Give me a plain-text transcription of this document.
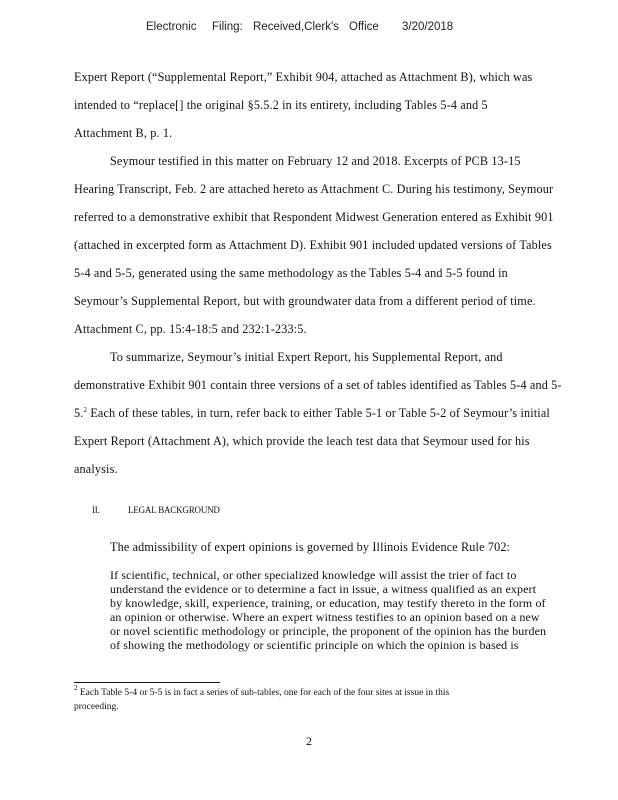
Electronic Filing: Received,Clerk's Office 3/20/2018
Expert Report (“Supplemental Report,” Exhibit 904, attached as Attachment B), which was
intended to “replace[] the original §5.5.2 in its entirety, including Tables 5-4 and 5
Attachment B, p. 1.
Seymour testified in this matter on February 12 and 2018. Excerpts of PCB 13-15
Hearing Transcript, Feb. 2 are attached hereto as Attachment C. During his testimony, Seymour
referred to a demonstrative exhibit that Respondent Midwest Generation entered as Exhibit 901
(attached in excerpted form as Attachment D). Exhibit 901 included updated versions of Tables
5-4 and 5-5, generated using the same methodology as the Tables 5-4 and 5-5 found in
Seymour’s Supplemental Report, but with groundwater data from a different period of time.
Attachment C, pp. 15:4-18:5 and 232:1-233:5.
To summarize, Seymour’s initial Expert Report, his Supplemental Report, and
demonstrative Exhibit 901 contain three versions of a set of tables identified as Tables 5-4 and 5-
5.$^2$ Each of these tables, in turn, refer back to either Table 5-1 or Table 5-2 of Seymour’s initial
Expert Report (Attachment A), which provide the leach test data that Seymour used for his
analysis.
II.	LEGAL BACKGROUND
The admissibility of expert opinions is governed by Illinois Evidence Rule 702:
If scientific, technical, or other specialized knowledge will assist the trier of fact to
understand the evidence or to determine a fact in issue, a witness qualified as an expert
by knowledge, skill, experience, training, or education, may testify thereto in the form of
an opinion or otherwise. Where an expert witness testifies to an opinion based on a new
or novel scientific methodology or principle, the proponent of the opinion has the burden
of showing the methodology or scientific principle on which the opinion is based is
$^2$ Each Table 5-4 or 5-5 is in fact a series of sub-tables, one for each of the four sites at issue in this
proceeding.
2
